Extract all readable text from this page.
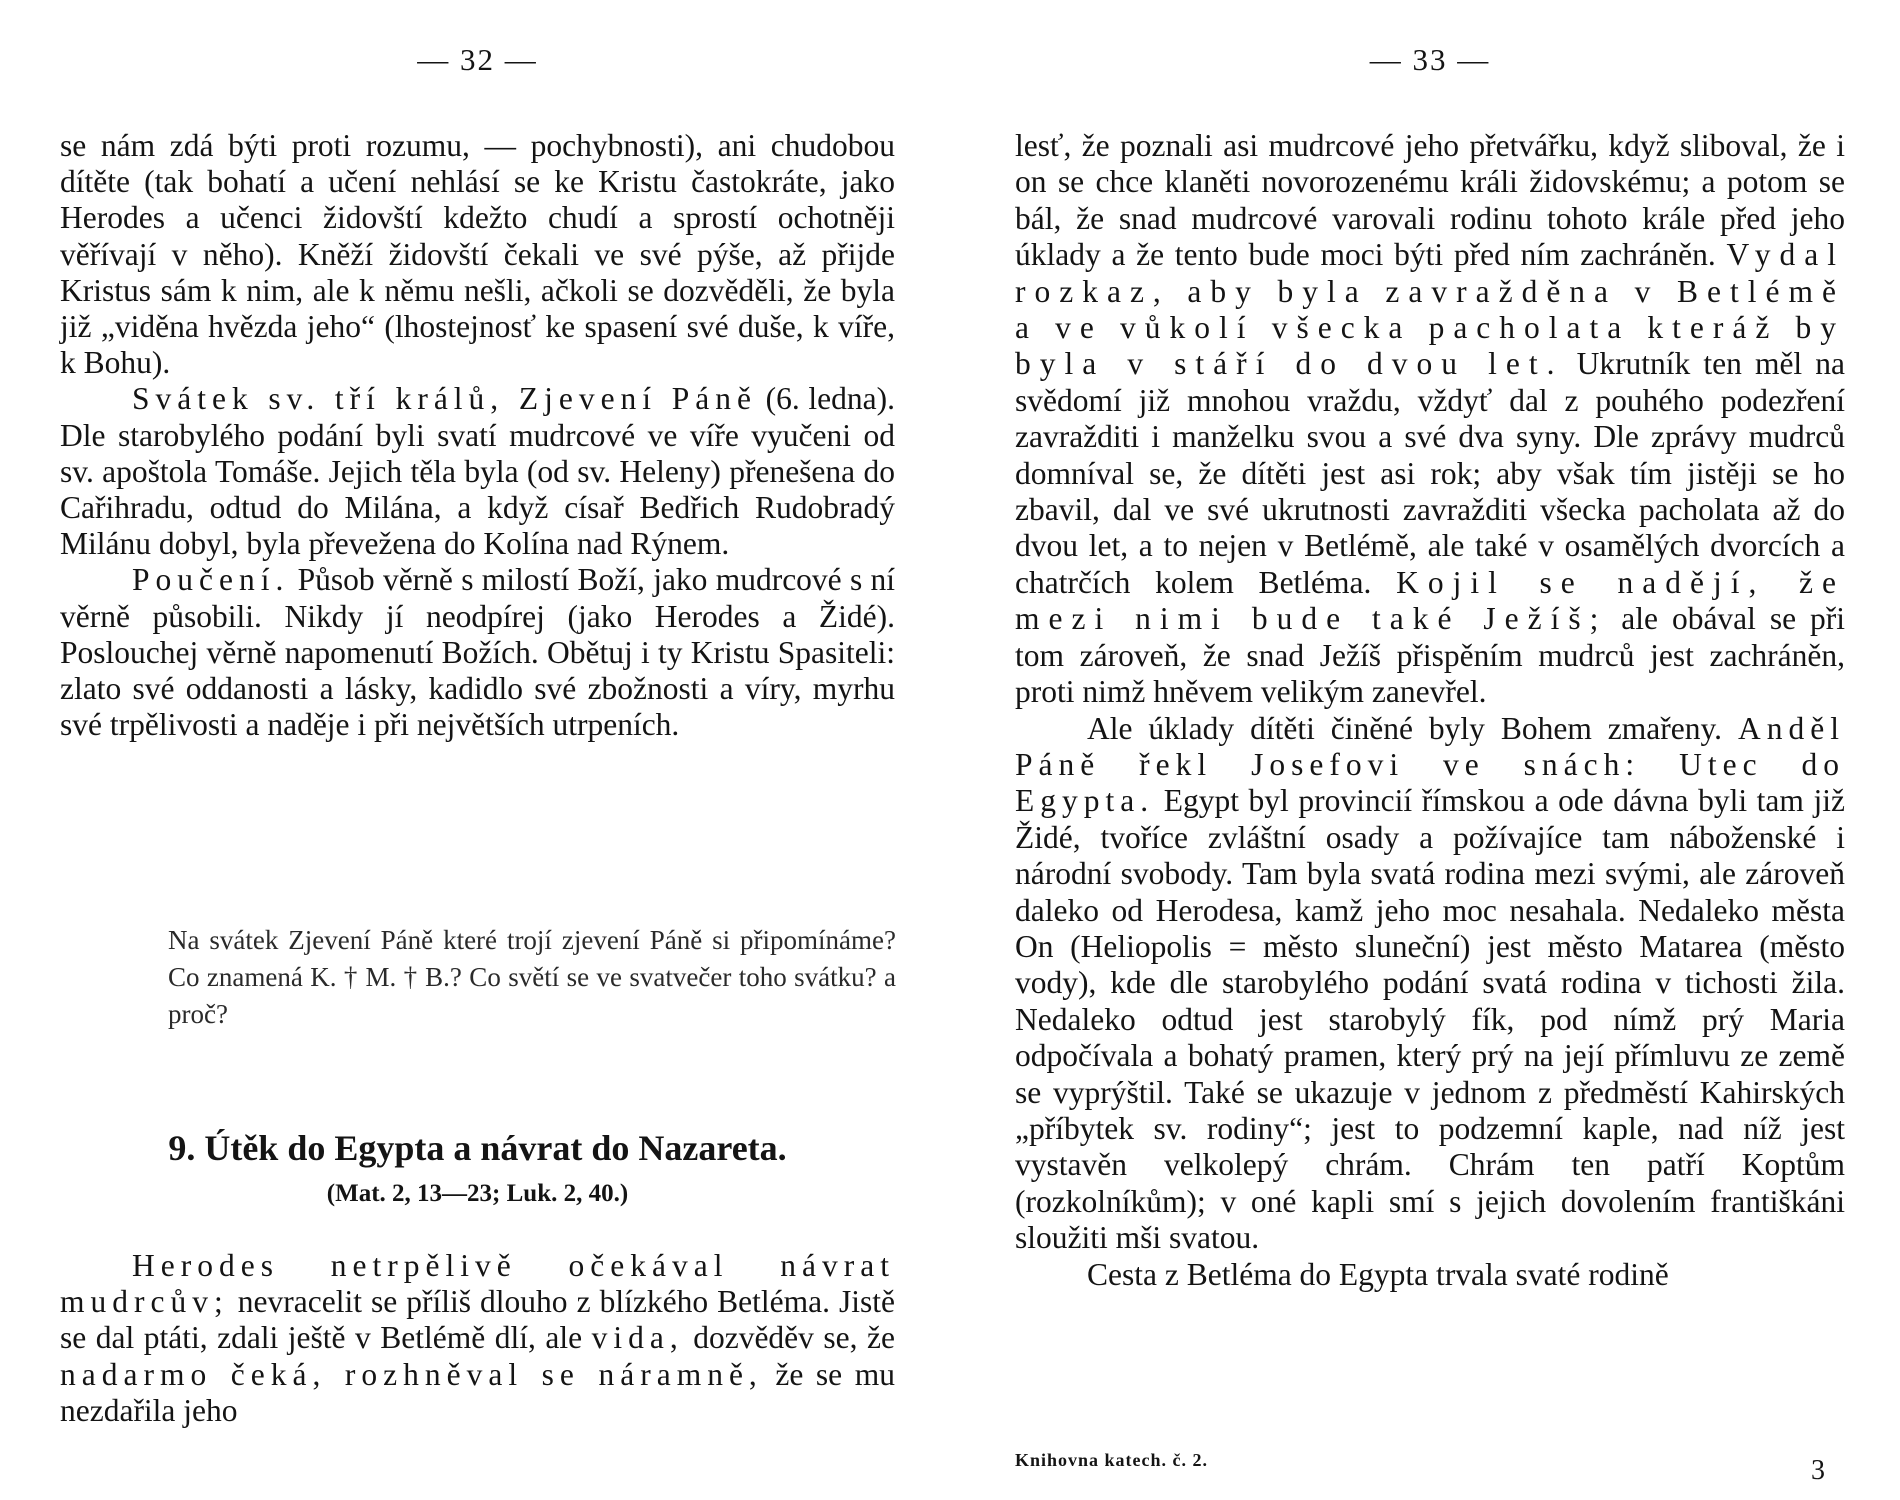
— 32 —

se nám zdá býti proti rozumu, — pochybnosti), ani chudobou dítěte (tak bohatí a učení nehlásí se ke Kristu častokráte, jako Herodes a učenci židovští kdežto chudí a sprostí ochotněji věřívají v něho). Kněží židovští čekali ve své pýše, až přijde Kristus sám k nim, ale k němu nešli, ačkoli se dozvěděli, že byla již „viděna hvězda jeho“ (lhostejnosť ke spasení své duše, k víře, k Bohu).

Svátek sv. tří králů, Zjevení Páně (6. ledna). Dle starobylého podání byli svatí mudrcové ve víře vyučeni od sv. apoštola Tomáše. Jejich těla byla (od sv. Heleny) přenešena do Cařihradu, odtud do Milána, a když císař Bedřich Rudobradý Milánu dobyl, byla převežena do Kolína nad Rýnem.

Poučení. Působ věrně s milostí Boží, jako mudrcové s ní věrně působili. Nikdy jí neodpírej (jako Herodes a Židé). Poslouchej věrně napomenutí Božích. Obětuj i ty Kristu Spasiteli: zlato své oddanosti a lásky, kadidlo své zbožnosti a víry, myrhu své trpělivosti a naděje i při největších utrpeních.

Na svátek Zjevení Páně které trojí zjevení Páně si připomínáme? Co znamená K. † M. † B.? Co světí se ve svatvečer toho svátku? a proč?
9. Útěk do Egypta a návrat do Nazareta.
(Mat. 2, 13—23; Luk. 2, 40.)

Herodes netrpělivě očekával návrat mudrcův; nevracelit se příliš dlouho z blízkého Betléma. Jistě se dal ptáti, zdali ještě v Betlémě dlí, ale vida, dozvěděv se, že nadarmo čeká, rozhněval se náramně, že se mu nezdařila jeho

— 33 —

lesť, že poznali asi mudrcové jeho přetvářku, když sliboval, že i on se chce klaněti novorozenému králi židovskému; a potom se bál, že snad mudrcové varovali rodinu tohoto krále před jeho úklady a že tento bude moci býti před ním zachráněn. Vydal rozkaz, aby byla zavražděna v Betlémě a ve vůkolí všecka pacholata kteráž by byla v stáří do dvou let. Ukrutník ten měl na svědomí již mnohou vraždu, vždyť dal z pouhého podezření zavražditi i manželku svou a své dva syny. Dle zprávy mudrců domníval se, že dítěti jest asi rok; aby však tím jistěji se ho zbavil, dal ve své ukrutnosti zavražditi všecka pacholata až do dvou let, a to nejen v Betlémě, ale také v osamělých dvorcích a chatrčích kolem Betléma. Kojil se nadějí, že mezi nimi bude také Ježíš; ale obával se při tom zároveň, že snad Ježíš přispěním mudrců jest zachráněn, proti nimž hněvem velikým zanevřel.

Ale úklady dítěti činěné byly Bohem zmařeny. Anděl Páně řekl Josefovi ve snách: Utec do Egypta. Egypt byl provincií římskou a ode dávna byli tam již Židé, tvoříce zvláštní osady a požívajíce tam náboženské i národní svobody. Tam byla svatá rodina mezi svými, ale zároveň daleko od Herodesa, kamž jeho moc nesahala. Nedaleko města On (Heliopolis = město sluneční) jest město Matarea (město vody), kde dle starobylého podání svatá rodina v tichosti žila. Nedaleko odtud jest starobylý fík, pod nímž prý Maria odpočívala a bohatý pramen, který prý na její přímluvu ze země se vyprýštil. Také se ukazuje v jednom z předměstí Kahirských „příbytek sv. rodiny“; jest to podzemní kaple, nad níž jest vystavěn velkolepý chrám. Chrám ten patří Koptům (rozkolníkům); v oné kapli smí s jejich dovolením františkáni sloužiti mši svatou.

Cesta z Betléma do Egypta trvala svaté rodině

Knihovna katech. č. 2.	3
